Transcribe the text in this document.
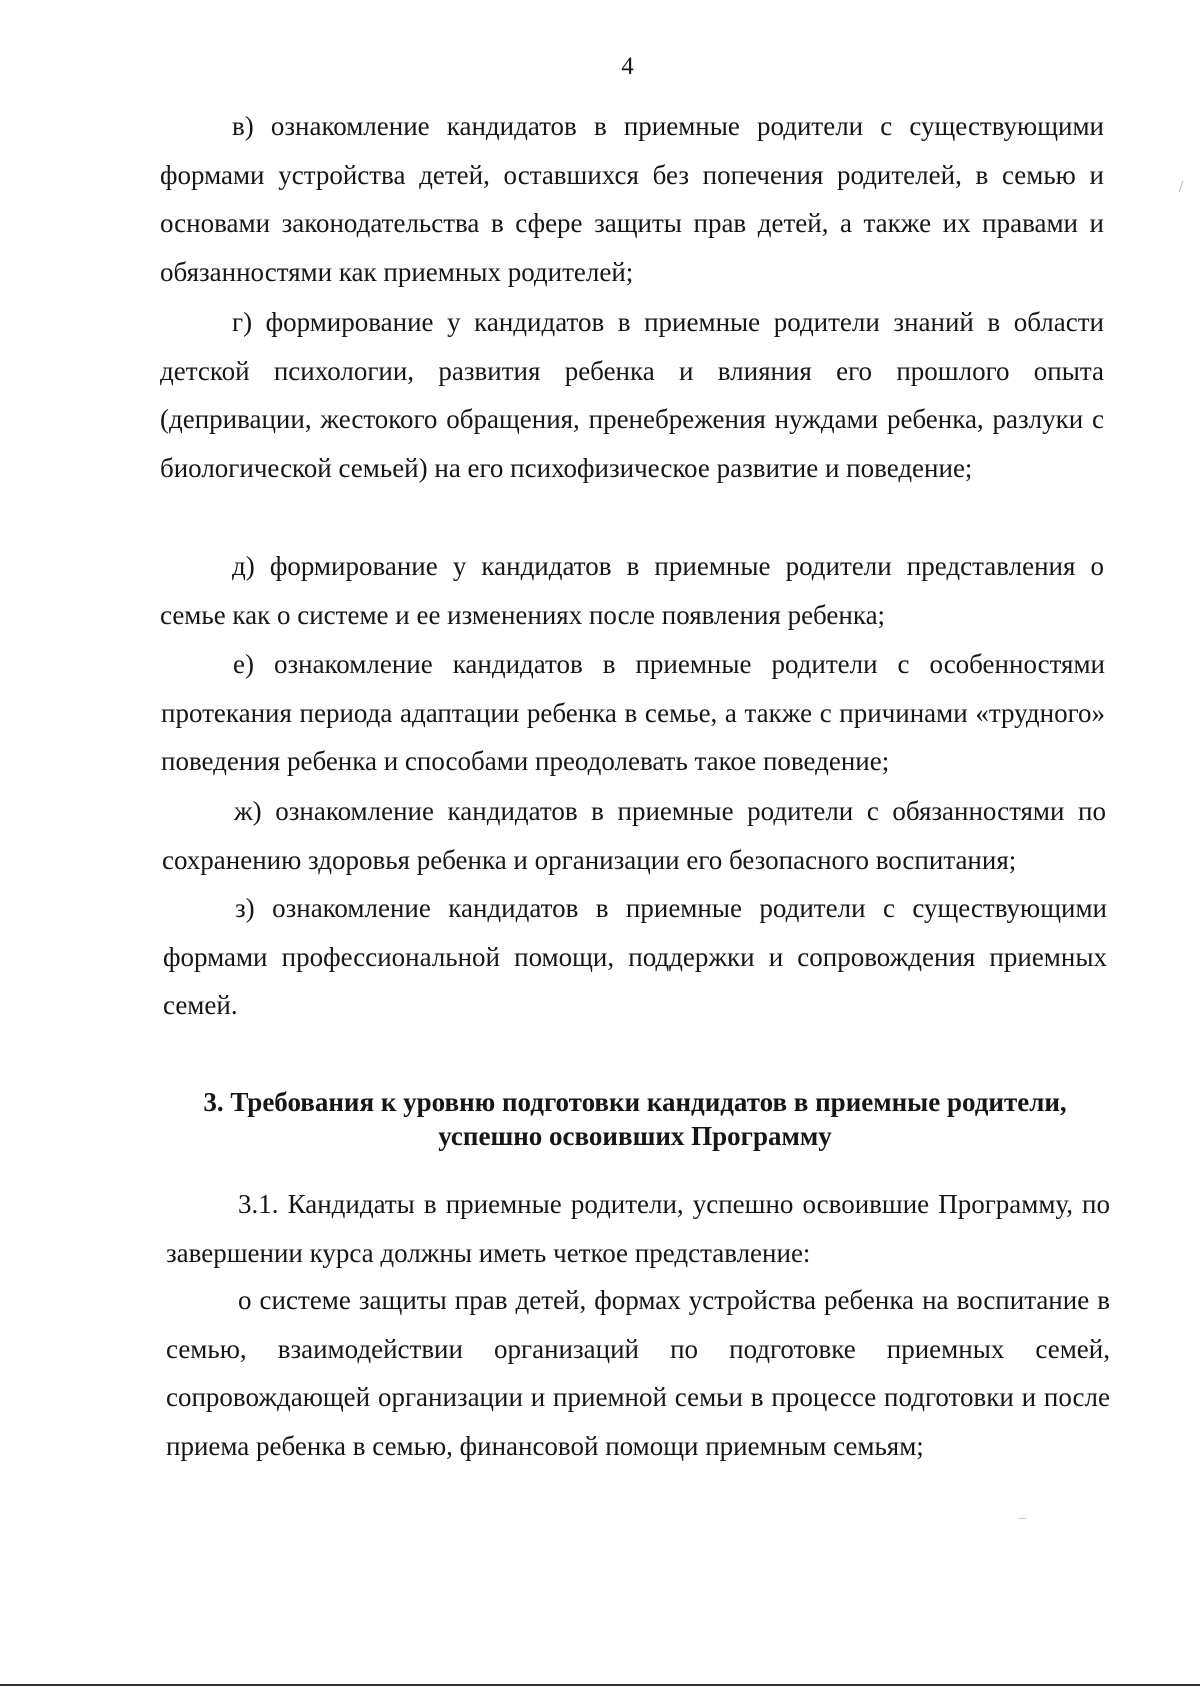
4
в) ознакомление кандидатов в приемные родители с существующими формами устройства детей, оставшихся без попечения родителей, в семью и основами законодательства в сфере защиты прав детей, а также их правами и обязанностями как приемных родителей;
г) формирование у кандидатов в приемные родители знаний в области детской психологии, развития ребенка и влияния его прошлого опыта (депривации, жестокого обращения, пренебрежения нуждами ребенка, разлуки с биологической семьей) на его психофизическое развитие и поведение;
д) формирование у кандидатов в приемные родители представления о семье как о системе и ее изменениях после появления ребенка;
е) ознакомление кандидатов в приемные родители с особенностями протекания периода адаптации ребенка в семье, а также с причинами «трудного» поведения ребенка и способами преодолевать такое поведение;
ж) ознакомление кандидатов в приемные родители с обязанностями по сохранению здоровья ребенка и организации его безопасного воспитания;
з) ознакомление кандидатов в приемные родители с существующими формами профессиональной помощи, поддержки и сопровождения приемных семей.
3. Требования к уровню подготовки кандидатов в приемные родители,
успешно освоивших Программу
3.1. Кандидаты в приемные родители, успешно освоившие Программу, по завершении курса должны иметь четкое представление:
о системе защиты прав детей, формах устройства ребенка на воспитание в семью, взаимодействии организаций по подготовке приемных семей, сопровождающей организации и приемной семьи в процессе подготовки и после приема ребенка в семью, финансовой помощи приемным семьям;
